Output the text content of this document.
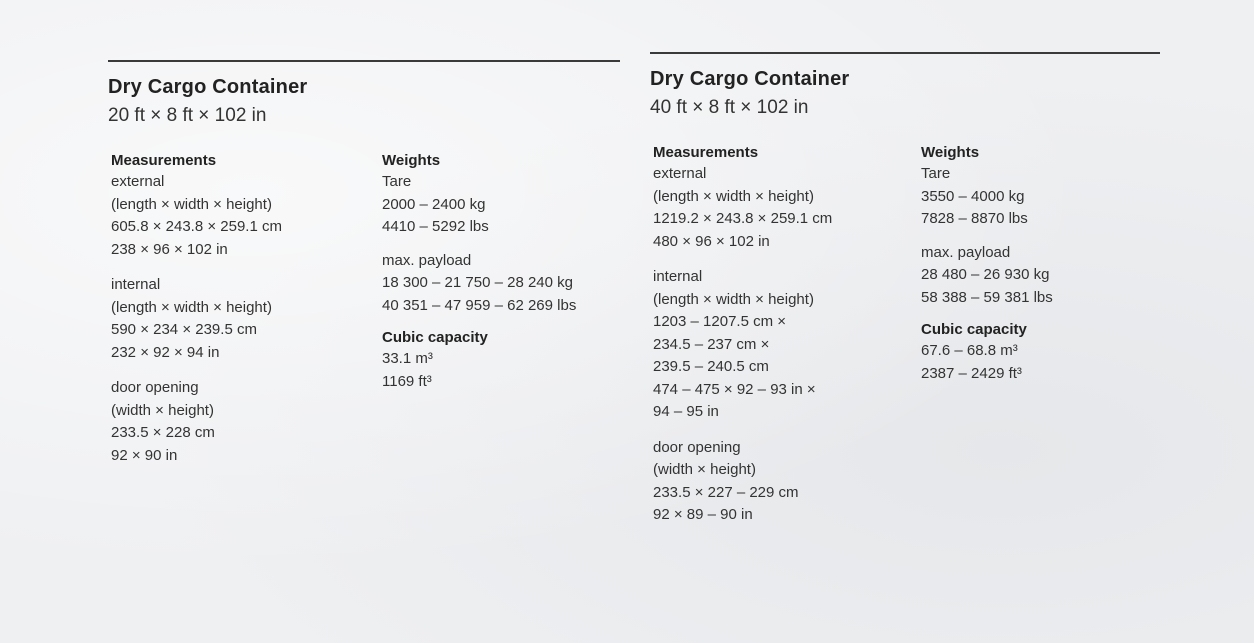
Dry Cargo Container
20 ft × 8 ft × 102 in
Measurements
external
(length × width × height)
605.8 × 243.8 × 259.1 cm
238 × 96 × 102 in
internal
(length × width × height)
590 × 234 × 239.5 cm
232 × 92 × 94 in
door opening
(width × height)
233.5 × 228 cm
92 × 90 in
Weights
Tare
2000 – 2400 kg
4410 – 5292 lbs
max. payload
18 300 – 21 750 – 28 240 kg
40 351 – 47 959 – 62 269 lbs
Cubic capacity
33.1 m³
1169 ft³
Dry Cargo Container
40 ft × 8 ft × 102 in
Measurements
external
(length × width × height)
1219.2 × 243.8 × 259.1 cm
480 × 96 × 102 in
internal
(length × width × height)
1203 – 1207.5 cm ×
234.5 – 237 cm ×
239.5 – 240.5 cm
474 – 475 × 92 – 93 in ×
94 – 95 in
door opening
(width × height)
233.5 × 227 – 229 cm
92 × 89 – 90 in
Weights
Tare
3550 – 4000 kg
7828 – 8870 lbs
max. payload
28 480 – 26 930 kg
58 388 – 59 381 lbs
Cubic capacity
67.6 – 68.8 m³
2387 – 2429 ft³
